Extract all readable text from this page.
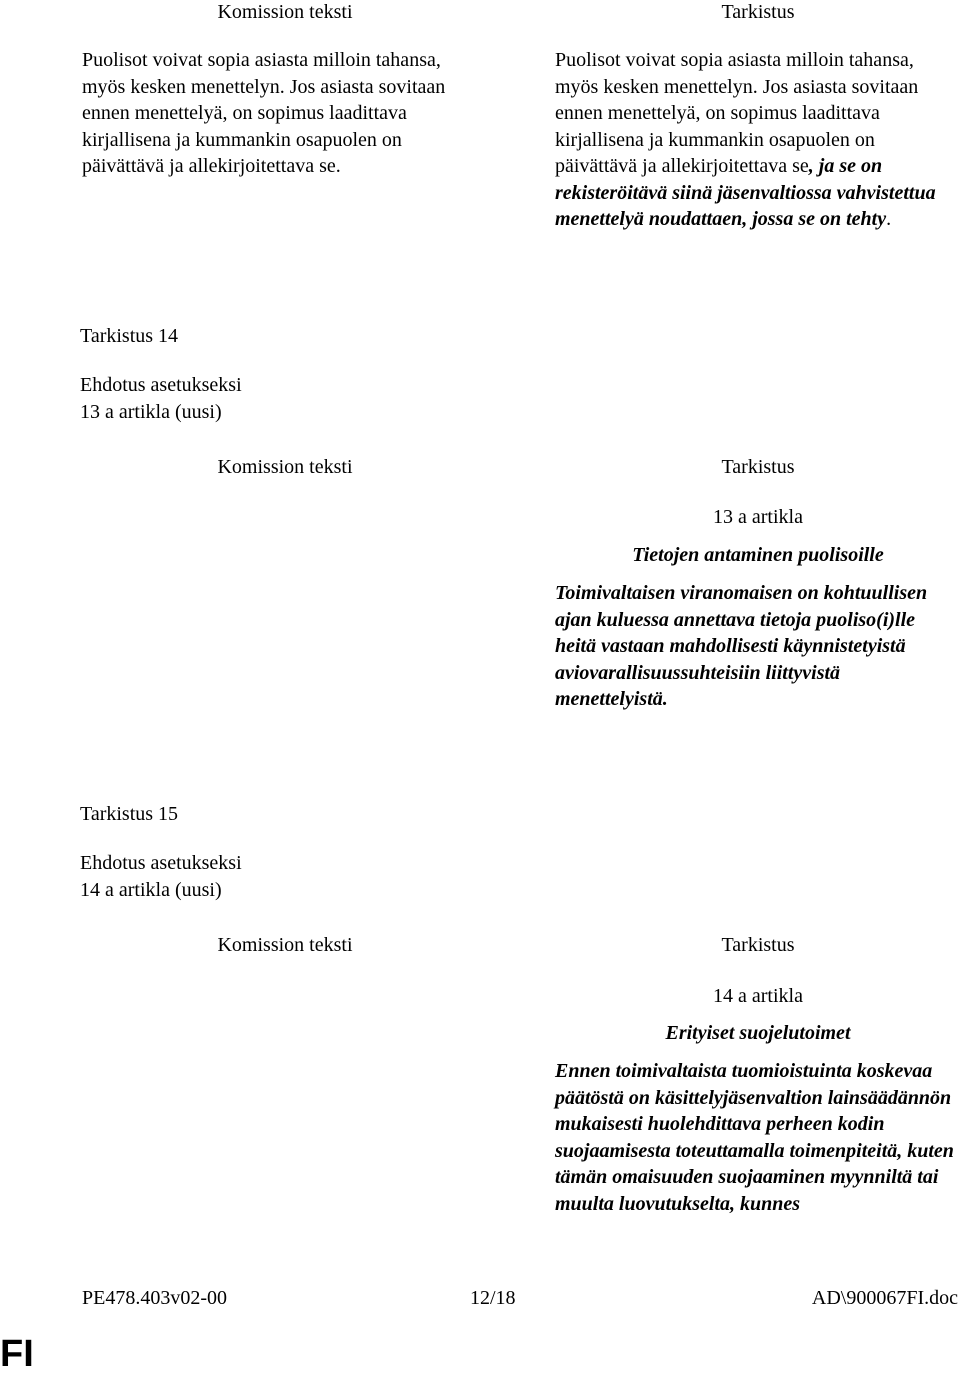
Komission teksti	Tarkistus

Puolisot voivat sopia asiasta milloin tahansa, myös kesken menettelyn. Jos asiasta sovitaan ennen menettelyä, on sopimus laadittava kirjallisena ja kummankin osapuolen on päivättävä ja allekirjoitettava se.

Puolisot voivat sopia asiasta milloin tahansa, myös kesken menettelyn. Jos asiasta sovitaan ennen menettelyä, on sopimus laadittava kirjallisena ja kummankin osapuolen on päivättävä ja allekirjoitettava se, ja se on rekisteröitävä siinä jäsenvaltiossa vahvistettua menettelyä noudattaen, jossa se on tehty.

Tarkistus 14
Ehdotus asetukseksi
13 a artikla (uusi)
Komission teksti	Tarkistus
13 a artikla
Tietojen antaminen puolisoille

Toimivaltaisen viranomaisen on kohtuullisen ajan kuluessa annettava tietoja puoliso(i)lle heitä vastaan mahdollisesti käynnistetyistä aviovarallisuussuhteisiin liittyvistä menettelyistä.

Tarkistus 15
Ehdotus asetukseksi
14 a artikla (uusi)
Komission teksti	Tarkistus
14 a artikla
Erityiset suojelutoimet

Ennen toimivaltaista tuomioistuinta koskevaa päätöstä on käsittelyjäsenvaltion lainsäädännön mukaisesti huolehdittava perheen kodin suojaamisesta toteuttamalla toimenpiteitä, kuten tämän omaisuuden suojaaminen myynniltä tai muulta luovutukselta, kunnes

PE478.403v02-00	12/18	AD\900067FI.doc
FI
